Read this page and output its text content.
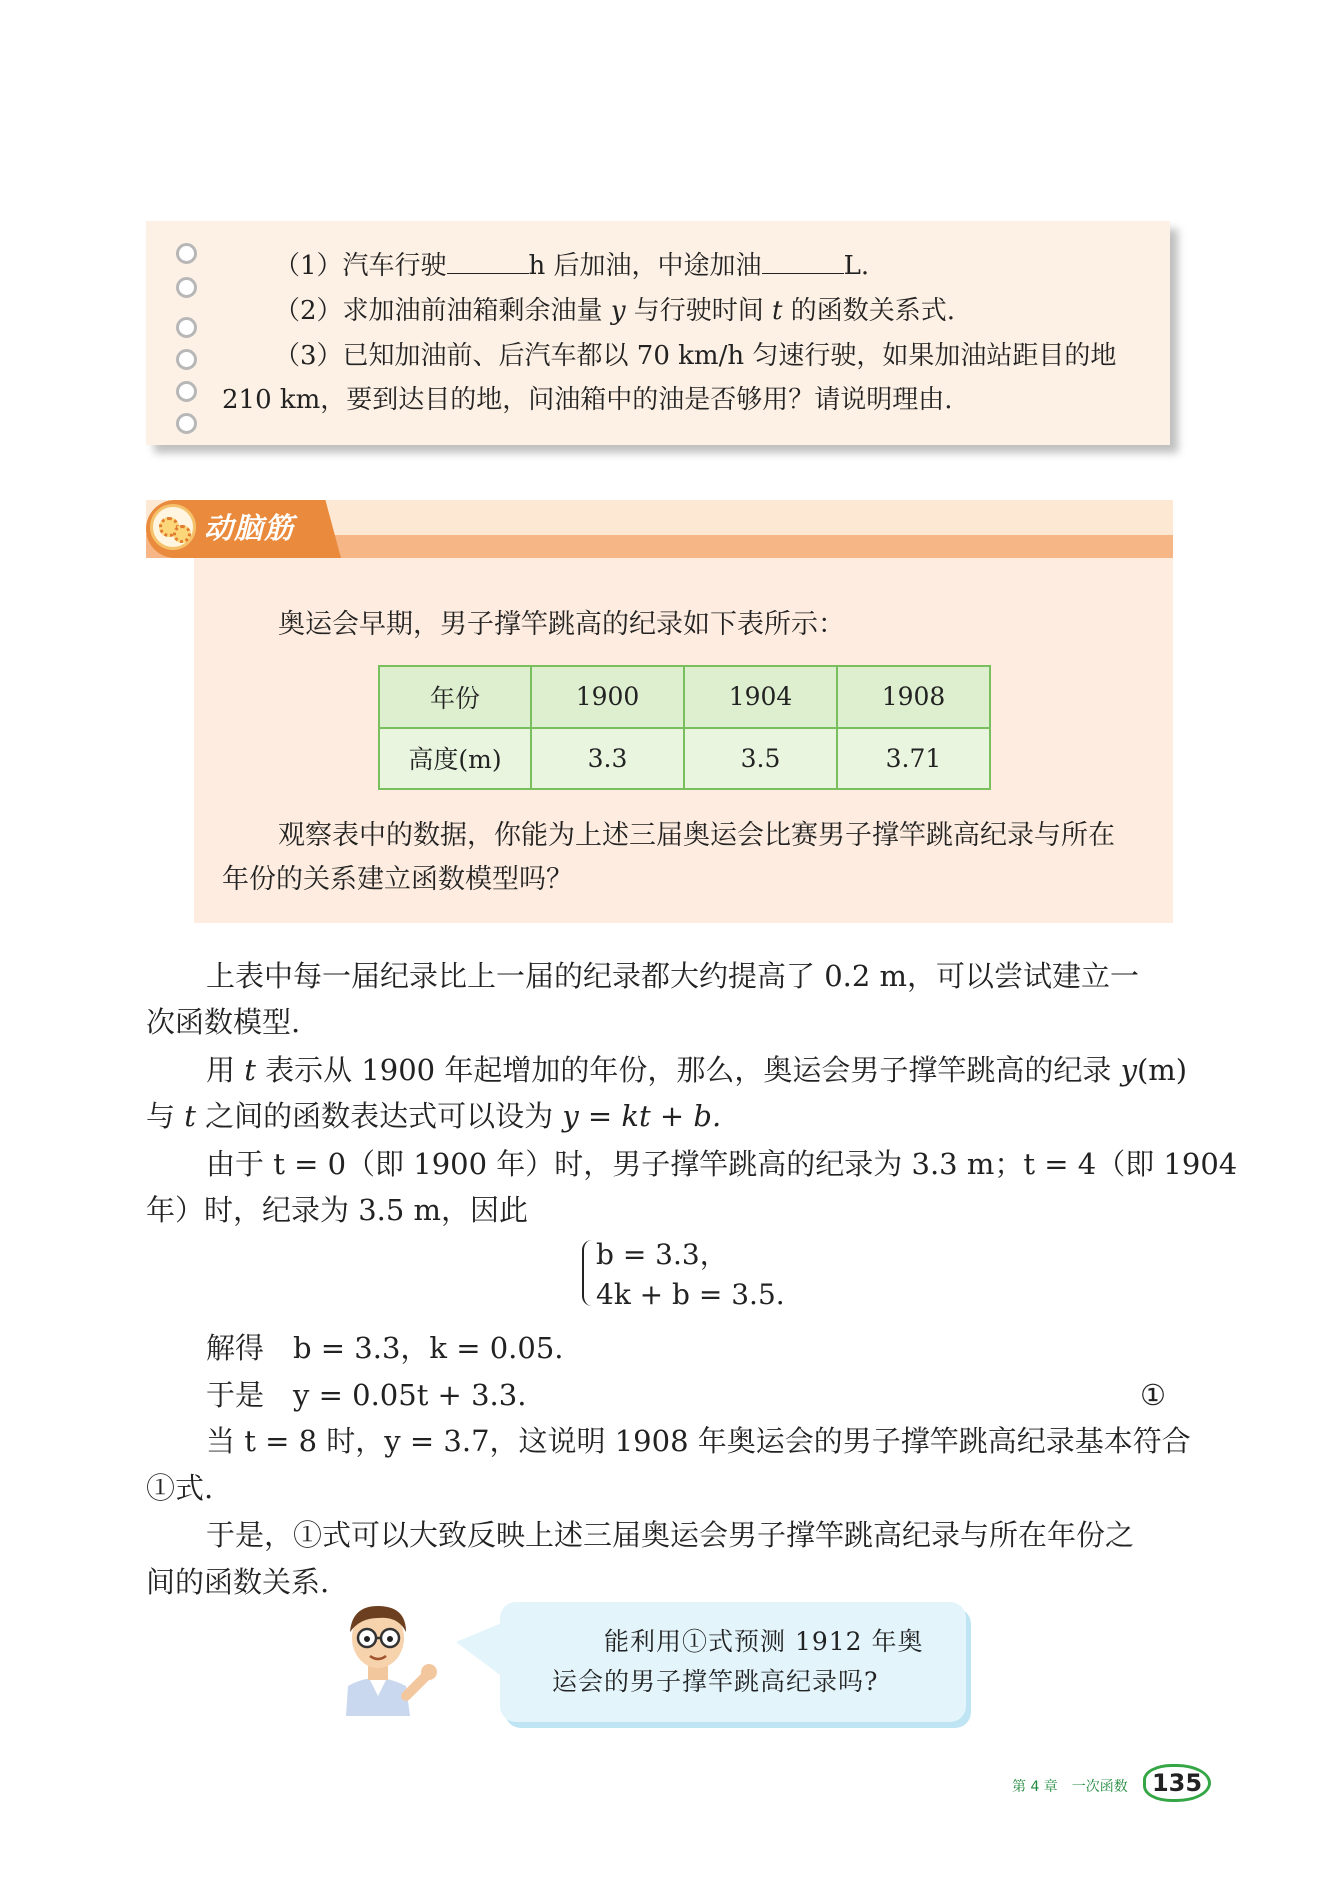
（1）汽车行驶	h 后加油，中途加油	L.
（2）求加油前油箱剩余油量 y 与行驶时间 t 的函数关系式.
（3）已知加油前、后汽车都以 70 km/h 匀速行驶，如果加油站距目的地
210 km，要到达目的地，问油箱中的油是否够用？请说明理由.
动脑筋
奥运会早期，男子撑竿跳高的纪录如下表所示：
年份	1900	1904	1908
高度(m)	3.3	3.5	3.71
观察表中的数据，你能为上述三届奥运会比赛男子撑竿跳高纪录与所在
年份的关系建立函数模型吗？
上表中每一届纪录比上一届的纪录都大约提高了 0.2 m，可以尝试建立一
次函数模型.
用 t 表示从 1900 年起增加的年份，那么，奥运会男子撑竿跳高的纪录 y(m)
与 t 之间的函数表达式可以设为 y = kt + b.
由于 t = 0（即 1900 年）时，男子撑竿跳高的纪录为 3.3 m；t = 4（即 1904
年）时，纪录为 3.5 m，因此
b = 3.3，
4k + b = 3.5.
解得　b = 3.3，k = 0.05.
于是　y = 0.05t + 3.3.	①
当 t = 8 时，y = 3.7，这说明 1908 年奥运会的男子撑竿跳高纪录基本符合
①式.
于是，①式可以大致反映上述三届奥运会男子撑竿跳高纪录与所在年份之
间的函数关系.
能利用①式预测 1912 年奥
运会的男子撑竿跳高纪录吗?
第 4 章　一次函数	135
